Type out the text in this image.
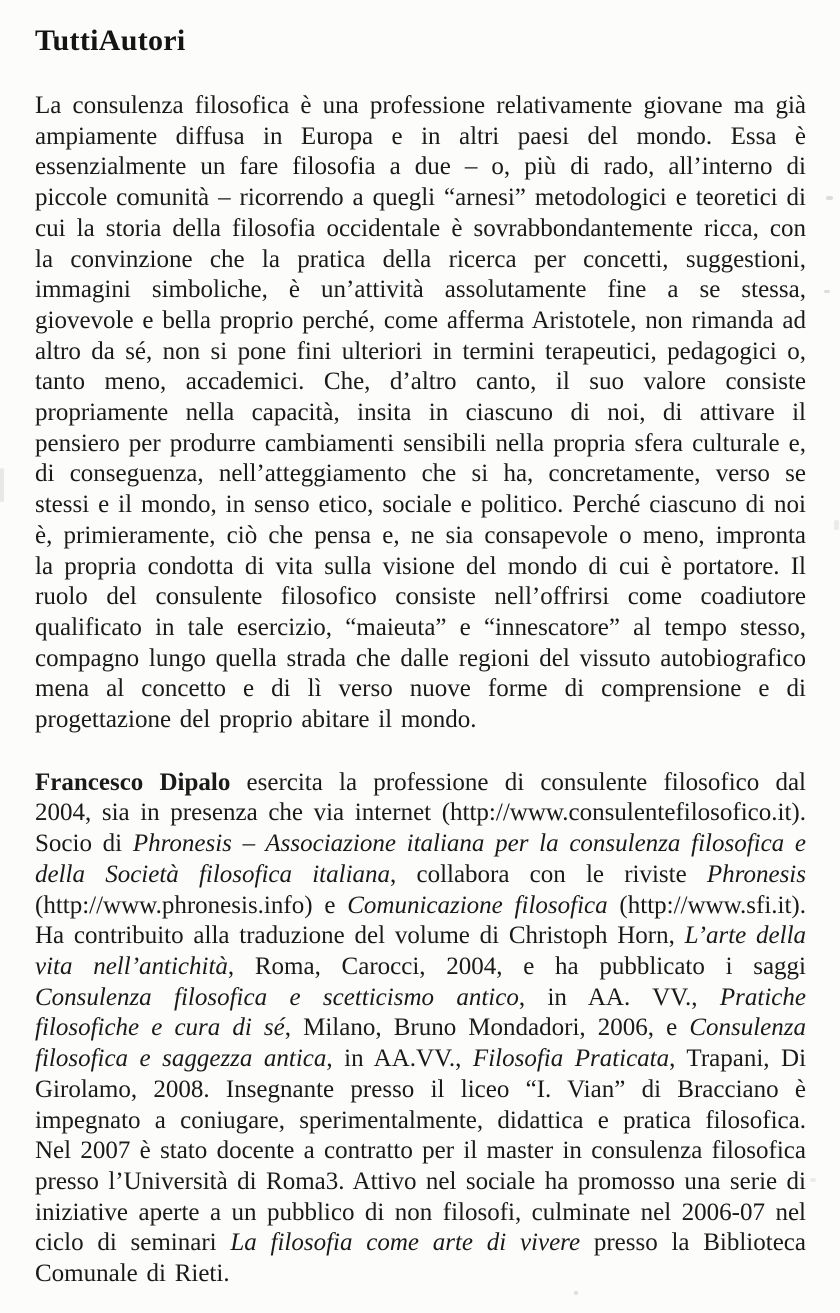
TuttiAutori

La consulenza filosofica è una professione relativamente giovane ma già ampiamente diffusa in Europa e in altri paesi del mondo. Essa è essenzialmente un fare filosofia a due – o, più di rado, all’interno di piccole comunità – ricorrendo a quegli “arnesi” metodologici e teoretici di cui la storia della filosofia occidentale è sovrabbondantemente ricca, con la convinzione che la pratica della ricerca per concetti, suggestioni, immagini simboliche, è un’attività assolutamente fine a se stessa, giovevole e bella proprio perché, come afferma Aristotele, non rimanda ad altro da sé, non si pone fini ulteriori in termini terapeutici, pedagogici o, tanto meno, accademici. Che, d’altro canto, il suo valore consiste propriamente nella capacità, insita in ciascuno di noi, di attivare il pensiero per produrre cambiamenti sensibili nella propria sfera culturale e, di conseguenza, nell’atteggiamento che si ha, concretamente, verso se stessi e il mondo, in senso etico, sociale e politico. Perché ciascuno di noi è, primieramente, ciò che pensa e, ne sia consapevole o meno, impronta la propria condotta di vita sulla visione del mondo di cui è portatore. Il ruolo del consulente filosofico consiste nell’offrirsi come coadiutore qualificato in tale esercizio, “maieuta” e “innescatore” al tempo stesso, compagno lungo quella strada che dalle regioni del vissuto autobiografico mena al concetto e di lì verso nuove forme di comprensione e di progettazione del proprio abitare il mondo.

Francesco Dipalo esercita la professione di consulente filosofico dal 2004, sia in presenza che via internet (http://www.consulentefilosofico.it). Socio di Phronesis – Associazione italiana per la consulenza filosofica e della Società filosofica italiana, collabora con le riviste Phronesis (http://www.phronesis.info) e Comunicazione filosofica (http://www.sfi.it). Ha contribuito alla traduzione del volume di Christoph Horn, L’arte della vita nell’antichità, Roma, Carocci, 2004, e ha pubblicato i saggi Consulenza filosofica e scetticismo antico, in AA. VV., Pratiche filosofiche e cura di sé, Milano, Bruno Mondadori, 2006, e Consulenza filosofica e saggezza antica, in AA.VV., Filosofia Praticata, Trapani, Di Girolamo, 2008. Insegnante presso il liceo “I. Vian” di Bracciano è impegnato a coniugare, sperimentalmente, didattica e pratica filosofica. Nel 2007 è stato docente a contratto per il master in consulenza filosofica presso l’Università di Roma3. Attivo nel sociale ha promosso una serie di iniziative aperte a un pubblico di non filosofi, culminate nel 2006-07 nel ciclo di seminari La filosofia come arte di vivere presso la Biblioteca Comunale di Rieti.
